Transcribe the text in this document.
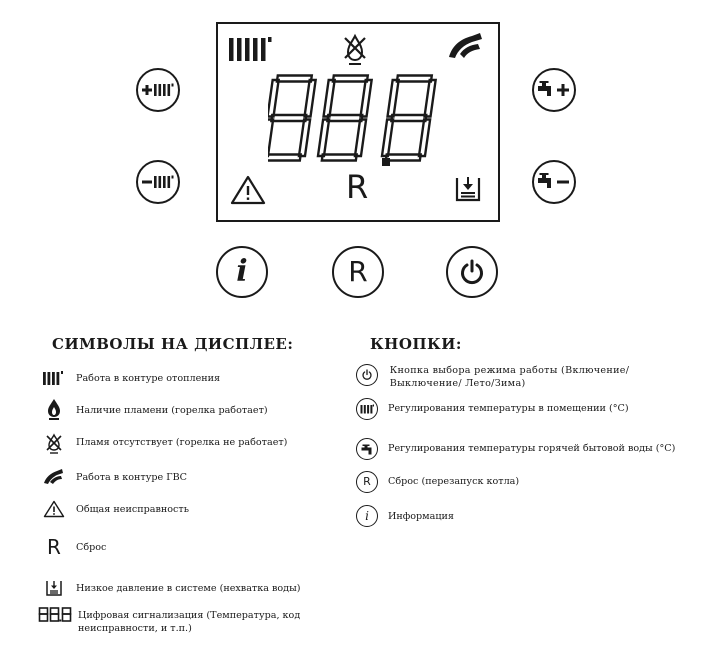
88.8
R
i	R
СИМВОЛЫ НА ДИСПЛЕЕ:
Работа в контуре отопления
Наличие пламени (горелка работает)
Пламя отсутствует (горелка не работает)
Работа в контуре ГВС
Общая неисправность
R Сброс
Низкое давление в системе (нехватка воды)
88.8
Цифровая сигнализация (Температура, код неисправности, и т.п.)
КНОПКИ:
Кнопка выбора режима работы (Включение/ Выключение/ Лето/Зима)
Регулирования температуры в помещении (°С)
Регулирования температуры горячей бытовой воды (°С)
R Сброс (перезапуск котла)
i Информация
